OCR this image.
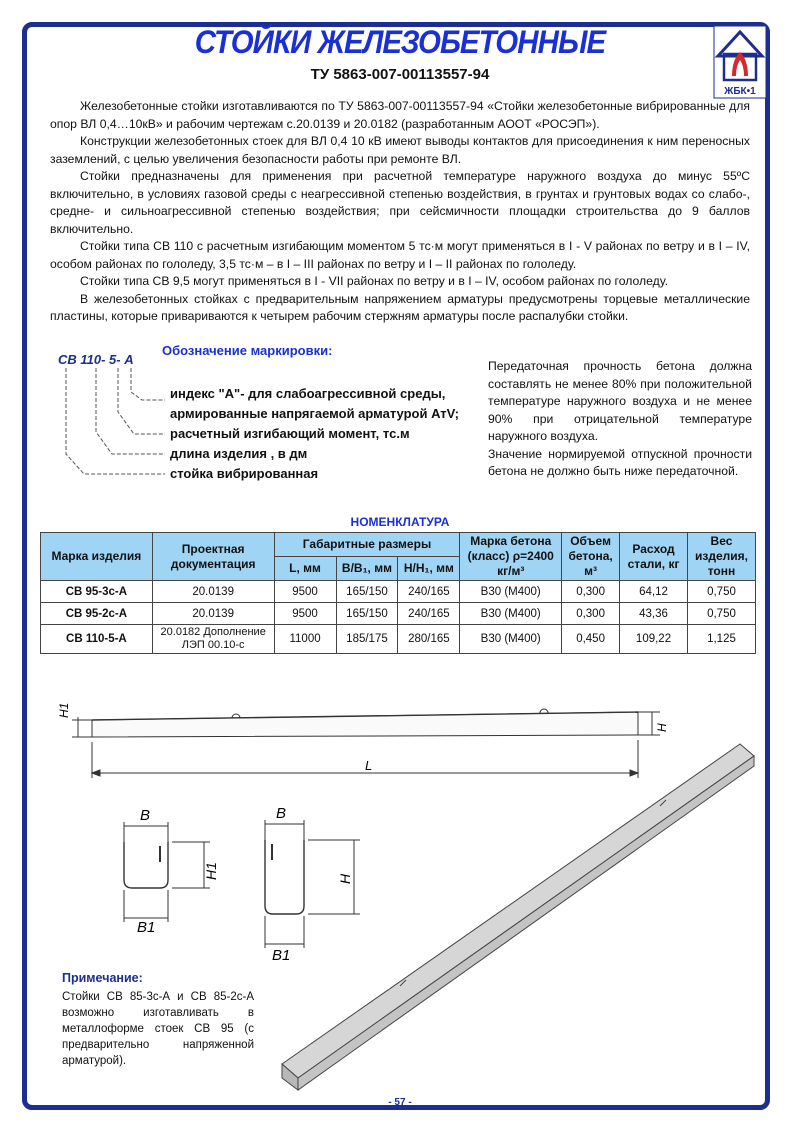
СТОЙКИ ЖЕЛЕЗОБЕТОННЫЕ
ТУ 5863-007-00113557-94
ЖБК•1

Железобетонные стойки изготавливаются по ТУ 5863-007-00113557-94 «Стойки железобетонные вибрированные для опор ВЛ 0,4…10кВ» и рабочим чертежам с.20.0139 и 20.0182 (разработанным АООТ «РОСЭП»).

Конструкции железобетонных стоек для ВЛ 0,4 10 кВ имеют выводы контактов для присоединения к ним переносных заземлений, с целью увеличения безопасности работы при ремонте ВЛ.

Стойки предназначены для применения при расчетной температуре наружного воздуха до минус 55ºС включительно, в условиях газовой среды с неагрессивной степенью воздействия, в грунтах и грунтовых водах со слабо-, средне- и сильноагрессивной степенью воздействия; при сейсмичности площадки строительства до 9 баллов включительно.

Стойки типа СВ 110 с расчетным изгибающим моментом 5 тс·м могут применяться в I - V районах по ветру и в I – IV, особом районах по гололеду, 3,5 тс·м – в I – III районах по ветру и I – II районах по гололеду.

Стойки типа СВ 9,5 могут применяться в I - VII районах по ветру и в I – IV, особом районах по гололеду.

В железобетонных стойках с предварительным напряжением арматуры предусмотрены торцевые металлические пластины, которые привариваются к четырем рабочим стержням арматуры после распалубки стойки.

Обозначение маркировки:
СВ 110- 5- А
индекс "А"- для слабоагрессивной среды,
армированные напрягаемой арматурой АтV;
расчетный изгибающий момент, тс.м
длина изделия , в дм
стойка вибрированная

Передаточная прочность бетона должна составлять не менее 80% при положительной температуре наружного воздуха и не менее 90% при отрицательной температуре наружного воздуха.

Значение нормируемой отпускной прочности бетона не должно быть ниже передаточной.

НОМЕНКЛАТУРА
Марка изделия	Проектная документация	Габаритные размеры			Марка бетона (класс) ρ=2400 кг/м³	Объем бетона, м³	Расход стали, кг	Вес изделия, тонн
		L, мм	B/B₁, мм	H/H₁, мм				
СВ 95-3с-А	20.0139	9500	165/150	240/165	В30 (М400)	0,300	64,12	0,750
СВ 95-2с-А	20.0139	9500	165/150	240/165	В30 (М400)	0,300	43,36	0,750
СВ 110-5-А	20.0182 Дополнение ЛЭП 00.10-с	11000	185/175	280/165	В30 (М400)	0,450	109,22	1,125
H1
H
L
B
B1
H1
B
B1
H
Примечание:
Стойки СВ 85-3с-А и СВ 85-2с-А возможно изготавливать в металлоформе стоек СВ 95 (с предварительно напряженной арматурой).
- 57 -
